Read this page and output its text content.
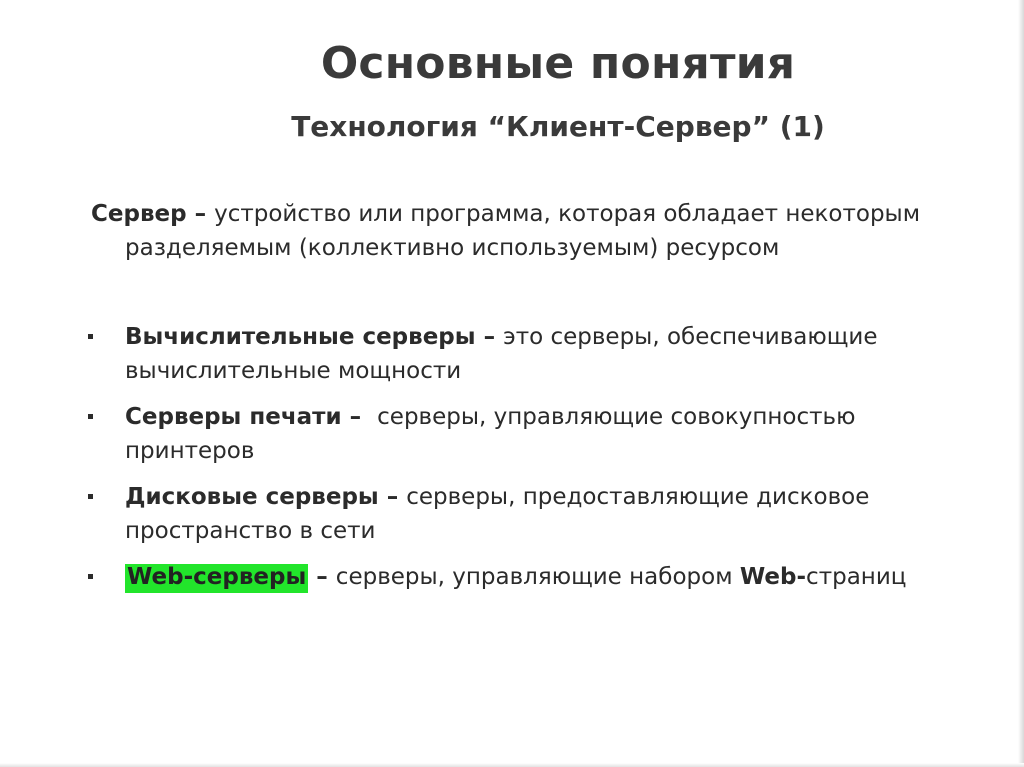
Основные понятия
Технология “Клиент-Сервер” (1)
Сервер – устройство или программа, которая обладает некоторым
разделяемым (коллективно используемым) ресурсом
Вычислительные серверы – это серверы, обеспечивающие вычислительные мощности
Серверы печати –  серверы, управляющие совокупностью принтеров
Дисковые серверы – серверы, предоставляющие дисковое пространство в сети
Web-серверы – серверы, управляющие набором Web-страниц
